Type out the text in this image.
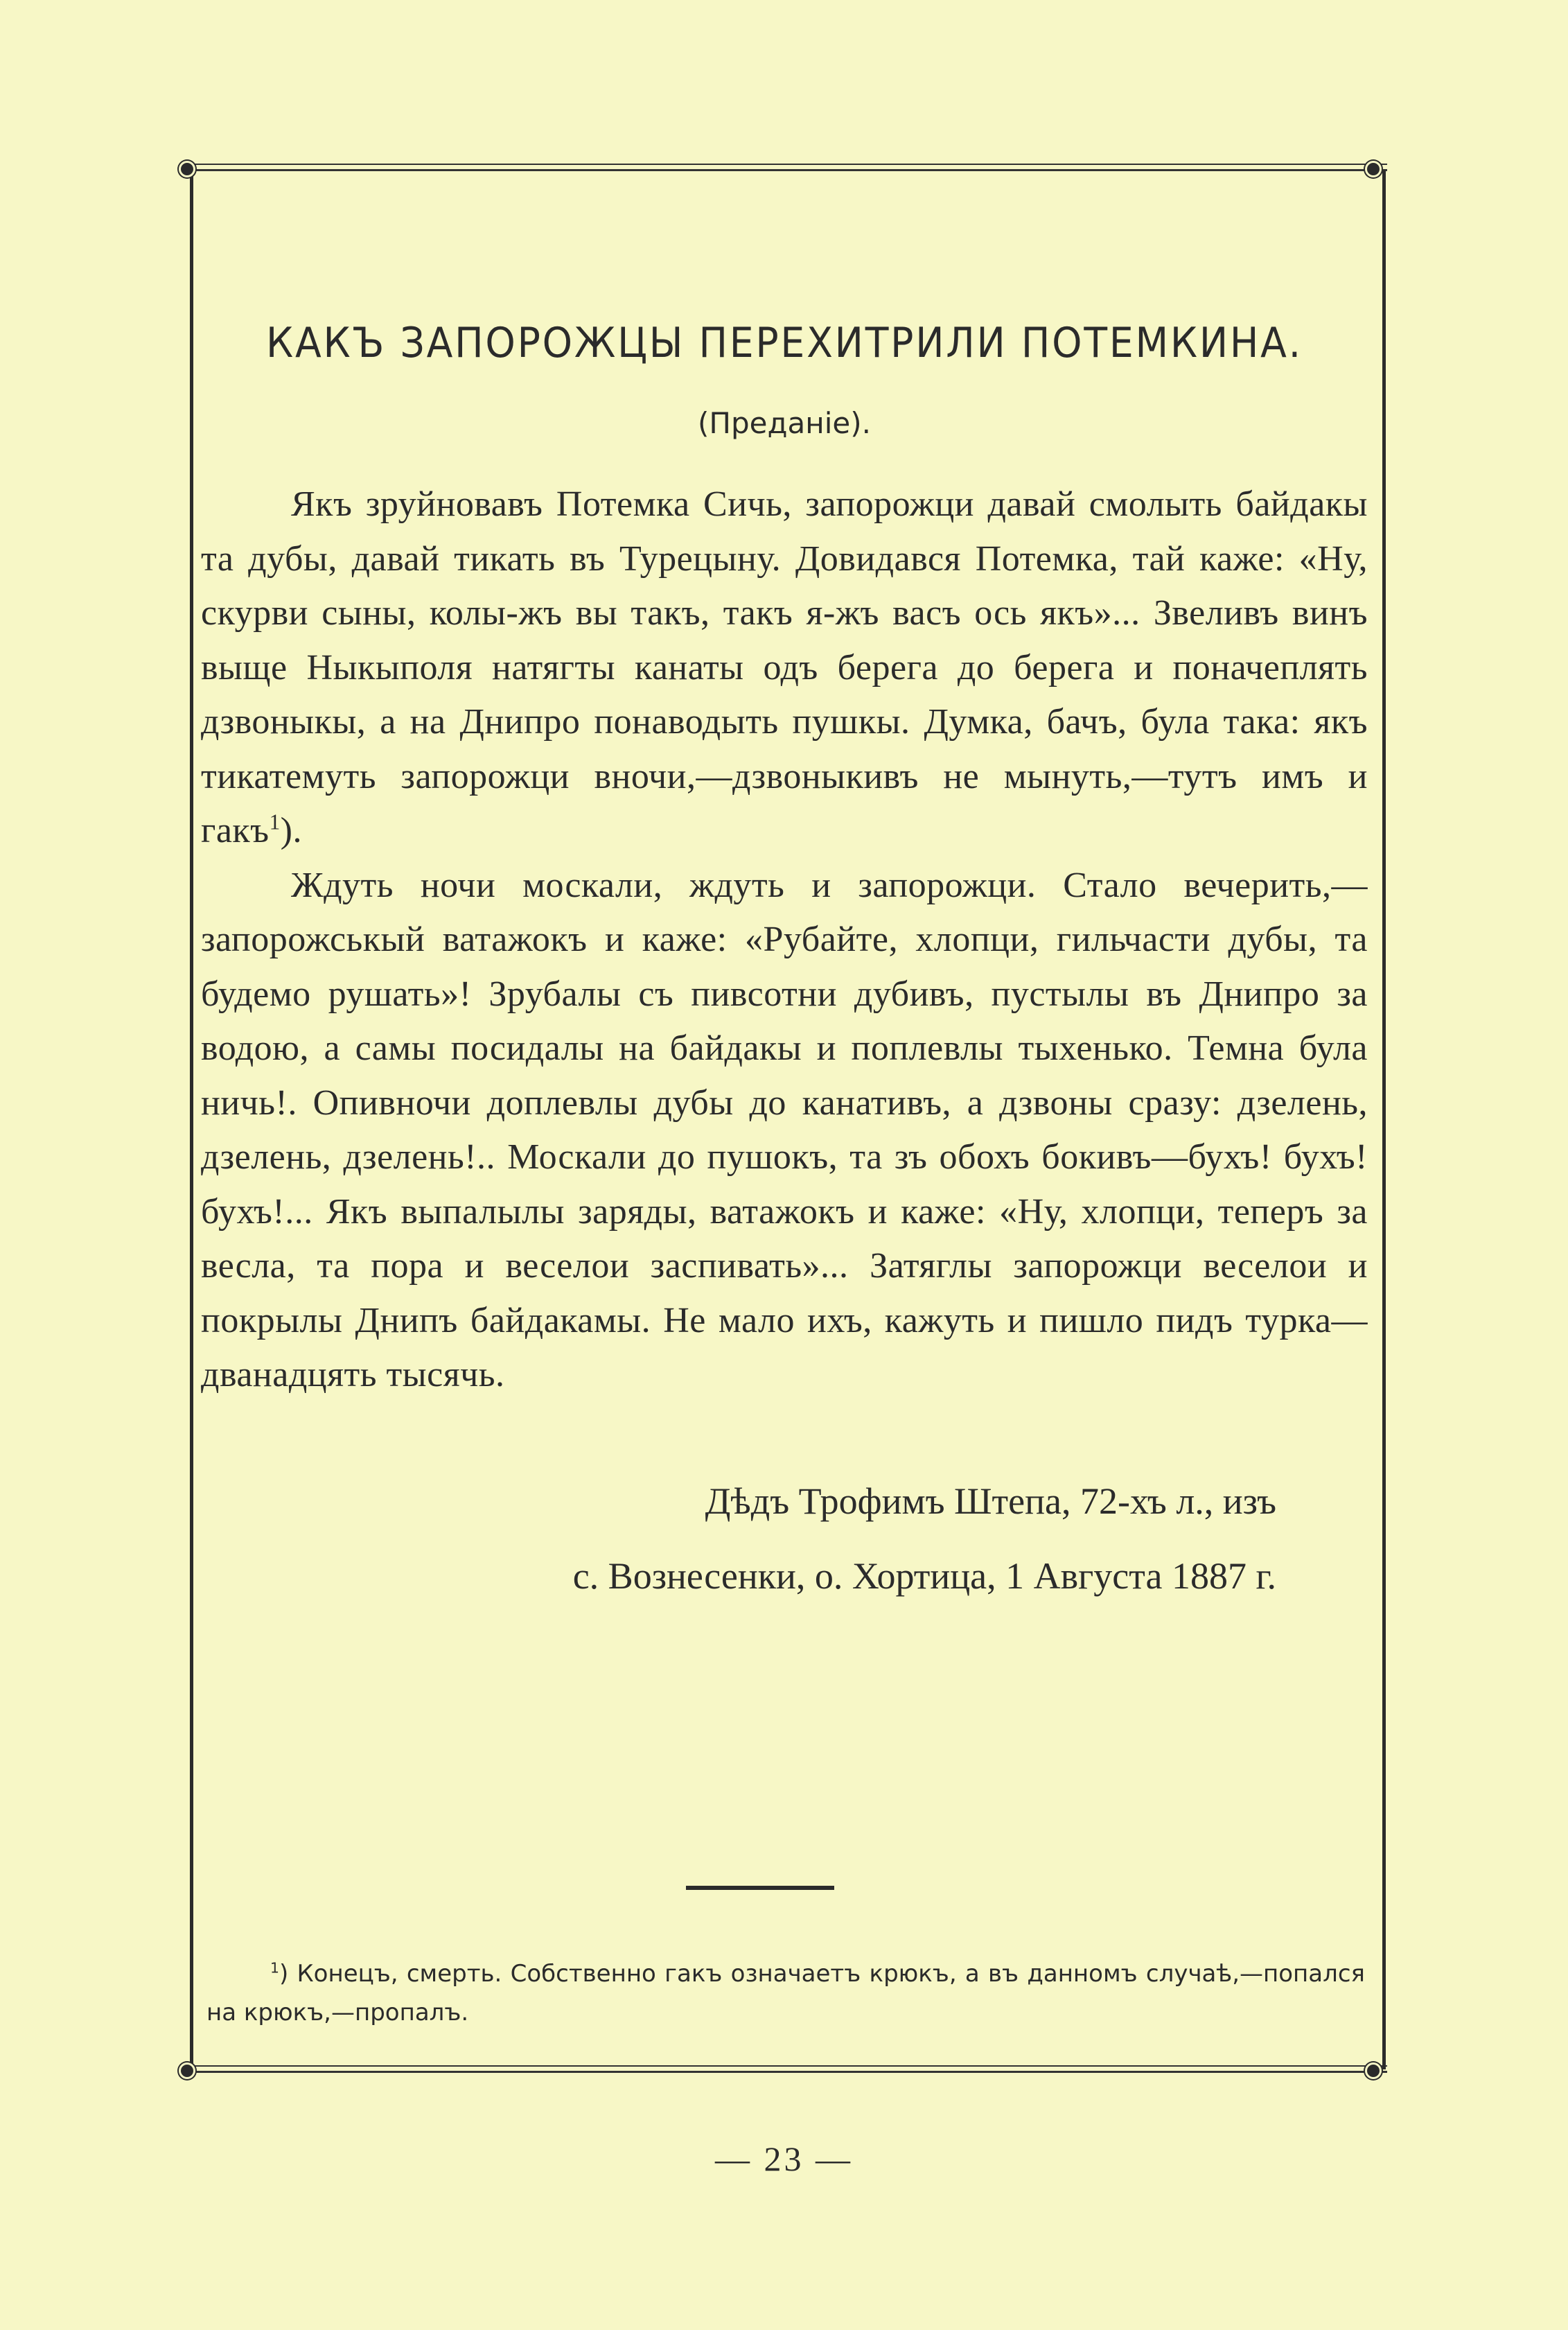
КАКЪ ЗАПОРОЖЦЫ ПЕРЕХИТРИЛИ ПОТЕМКИНА.
(Преданіе).

Якъ зруйновавъ Потемка Сичь, запорожци давай смолыть байдакы та дубы, давай тикать въ Турецыну. Довидався Потемка, тай каже: «Ну, скурви сыны, колы-жъ вы такъ, такъ я-жъ васъ ось якъ»... Звеливъ винъ выще Ныкыполя натягты канаты одъ берега до берега и поначеплять дзвоныкы, а на Днипро понаводыть пушкы. Думка, бачъ, була така: якъ тикатемуть запорожци вночи,—дзвоныкивъ не мынуть,—тутъ имъ и гакъ$^1$).

Ждуть ночи москали, ждуть и запорожци. Стало вечерить,—запорожськый ватажокъ и каже: «Рубайте, хлопци, гильчасти дубы, та будемо рушать»! Зрубалы съ пивсотни дубивъ, пустылы въ Днипро за водою, а самы посидалы на байдакы и поплевлы тыхенько. Темна була ничь!. Опивночи доплевлы дубы до канативъ, а дзвоны сразу: дзелень, дзелень, дзелень!.. Москали до пушокъ, та зъ обохъ бокивъ—бухъ! бухъ! бухъ!... Якъ выпалылы заряды, ватажокъ и каже: «Ну, хлопци, теперъ за весла, та пора и веселои заспивать»... Затяглы запорожци веселои и покрылы Днипъ байдакамы. Не мало ихъ, кажуть и пишло пидъ турка—дванадцять тысячь.

Дѣдъ Трофимъ Штепа, 72-хъ л., изъ
с. Вознесенки, о. Хортица, 1 Августа 1887 г.
$^1$) Конецъ, смерть. Собственно гакъ означаетъ крюкъ, а въ данномъ случаѣ,—попался на крюкъ,—пропалъ.
— 23 —
